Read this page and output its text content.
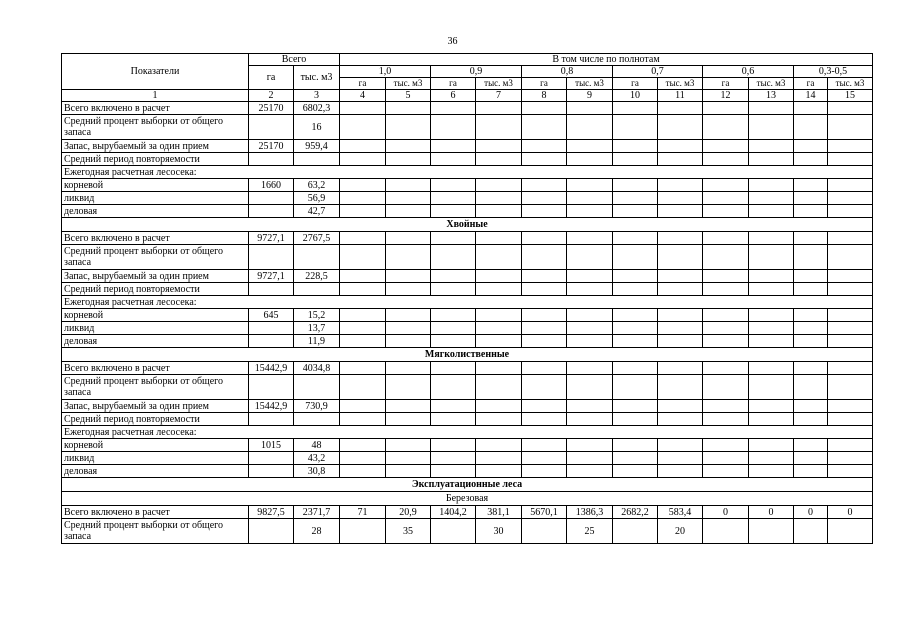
36
Показатели	Всего		В том числе по полнотам											
	га	тыс. м3	1,0		0,9		0,8		0,7		0,6		0,3-0,5	
			га	тыс. м3	га	тыс. м3	га	тыс. м3	га	тыс. м3	га	тыс. м3	га	тыс. м3
1	2	3	4	5	6	7	8	9	10	11	12	13	14	15
Всего включено в расчет	25170	6802,3												
Средний процент выборки от общего запаса		16												
Запас, вырубаемый за один прием	25170	959,4												
Средний период повторяемости														
Ежегодная расчетная лесосека:														
корневой	1660	63,2												
ликвид		56,9												
деловая		42,7												
Хвойные														
Всего включено в расчет	9727,1	2767,5												
Средний процент выборки от общего запаса														
Запас, вырубаемый за один прием	9727,1	228,5												
Средний период повторяемости														
Ежегодная расчетная лесосека:														
корневой	645	15,2												
ликвид		13,7												
деловая		11,9												
Мягколиственные														
Всего включено в расчет	15442,9	4034,8												
Средний процент выборки от общего запаса														
Запас, вырубаемый за один прием	15442,9	730,9												
Средний период повторяемости														
Ежегодная расчетная лесосека:														
корневой	1015	48												
ликвид		43,2												
деловая		30,8												
Эксплуатационные леса														
Березовая														
Всего включено в расчет	9827,5	2371,7	71	20,9	1404,2	381,1	5670,1	1386,3	2682,2	583,4	0	0	0	0
Средний процент выборки от общего запаса		28		35		30		25		20				
